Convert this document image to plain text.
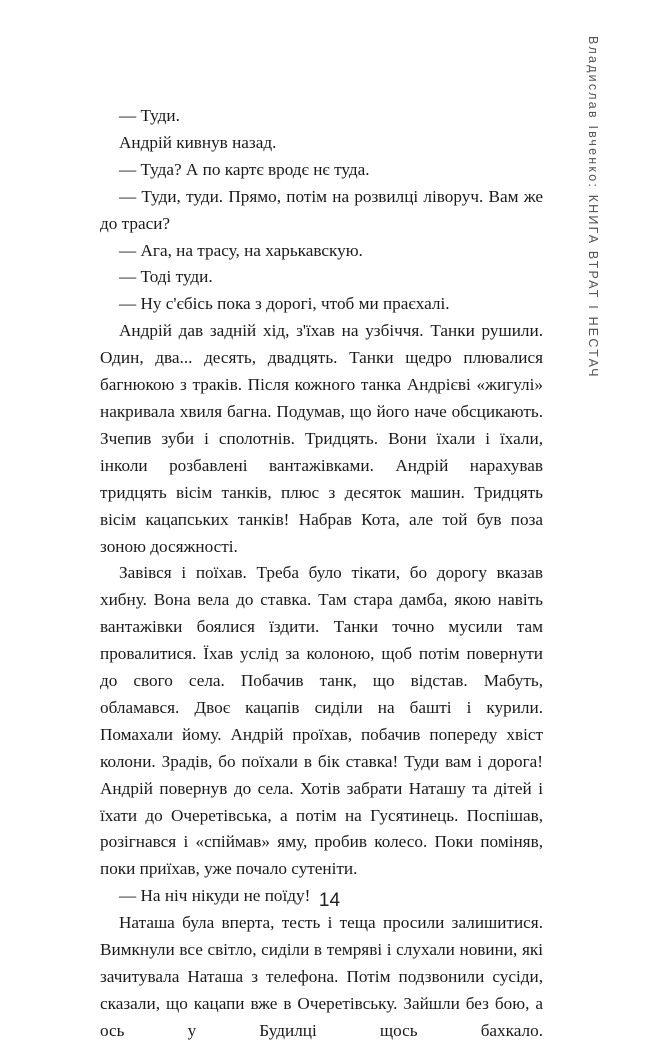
Владислав Івченко: КНИГА ВТРАТ І НЕСТАЧ

— Туди.

Андрій кивнув назад.

— Туда? А по картє вродє нє туда.

— Туди, туди. Прямо, потім на розвилці ліворуч. Вам же до траси?

— Ага, на трасу, на харькавскую.

— Тоді туди.

— Ну с'єбісь пока з дорогі, чтоб ми праєхалі.

Андрій дав задній хід, з'їхав на узбіччя. Танки рушили. Один, два... десять, двадцять. Танки щедро плювалися багнюкою з траків. Після кожного танка Андрієві «жигулі» накривала хвиля багна. Подумав, що його наче обсцикають. Зчепив зуби і сполотнів. Тридцять. Вони їхали і їхали, інколи розбавлені вантажівками. Андрій нарахував тридцять вісім танків, плюс з десяток машин. Тридцять вісім кацапських танків! Набрав Кота, але той був поза зоною досяжності.

Завівся і поїхав. Треба було тікати, бо дорогу вказав хибну. Вона вела до ставка. Там стара дамба, якою навіть вантажівки боялися їздити. Танки точно мусили там провалитися. Їхав услід за колоною, щоб потім повернути до свого села. Побачив танк, що відстав. Мабуть, обламався. Двоє кацапів сиділи на башті і курили. Помахали йому. Андрій проїхав, побачив попереду хвіст колони. Зрадів, бо поїхали в бік ставка! Туди вам і дорога! Андрій повернув до села. Хотів забрати Наташу та дітей і їхати до Очеретівська, а потім на Гусятинець. Поспішав, розігнався і «спіймав» яму, пробив колесо. Поки поміняв, поки приїхав, уже почало сутеніти.

— На ніч нікуди не поїду!

Наташа була вперта, тесть і теща просили залишитися. Вимкнули все світло, сиділи в темряві і слухали новини, які зачитувала Наташа з телефона. Потім подзвонили сусіди, сказали, що кацапи вже в Очеретівську. Зайшли без бою, а ось у Будилці щось бахкало.

14
